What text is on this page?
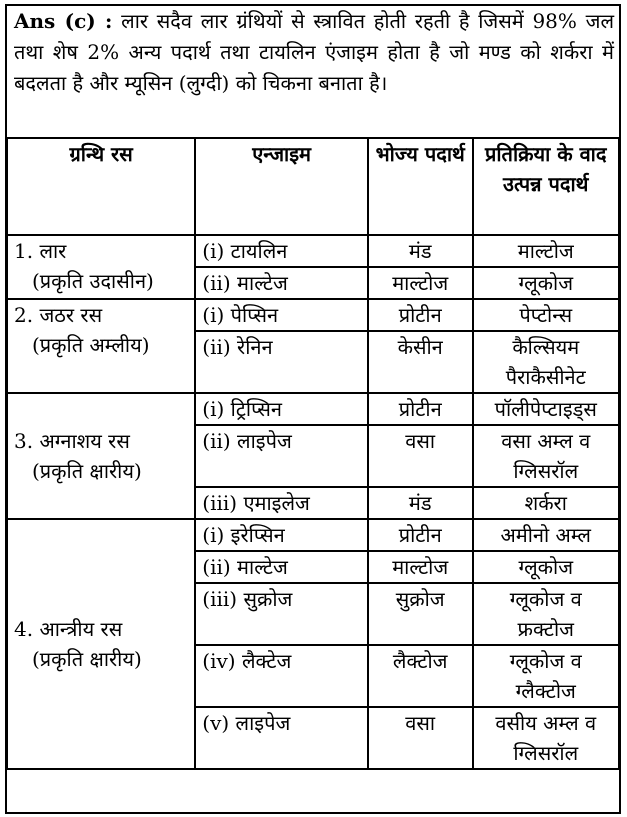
Ans (c) : लार सदैव लार ग्रंथियों से स्त्रावित होती रहती है जिसमें 98% जल तथा शेष 2% अन्य पदार्थ तथा टायलिन एंजाइम होता है जो मण्ड को शर्करा में बदलता है और म्यूसिन (लुग्दी) को चिकना बनाता है।
ग्रन्थि रस	एन्जाइम	भोज्य पदार्थ	प्रतिक्रिया के वाद उत्पन्न पदार्थ
1. लार
(प्रकृति उदासीन)	(i) टायलिन	मंड	माल्टोज
	(ii) माल्टेज	माल्टोज	ग्लूकोज
2. जठर रस
(प्रकृति अम्लीय)	(i) पेप्सिन	प्रोटीन	पेप्टोन्स
	(ii) रेनिन	केसीन	कैल्सियम पैराकैसीनेट
3. अग्नाशय रस
(प्रकृति क्षारीय)	(i) ट्रिप्सिन	प्रोटीन	पॉलीपेप्टाइड्स
	(ii) लाइपेज	वसा	वसा अम्ल व ग्लिसरॉल
	(iii) एमाइलेज	मंड	शर्करा
4. आन्त्रीय रस
(प्रकृति क्षारीय)	(i) इरेप्सिन	प्रोटीन	अमीनो अम्ल
	(ii) माल्टेज	माल्टोज	ग्लूकोज
	(iii) सुक्रोज	सुक्रोज	ग्लूकोज व फ्रक्टोज
	(iv) लैक्टेज	लैक्टोज	ग्लूकोज व ग्लैक्टोज
	(v) लाइपेज	वसा	वसीय अम्ल व ग्लिसरॉल
